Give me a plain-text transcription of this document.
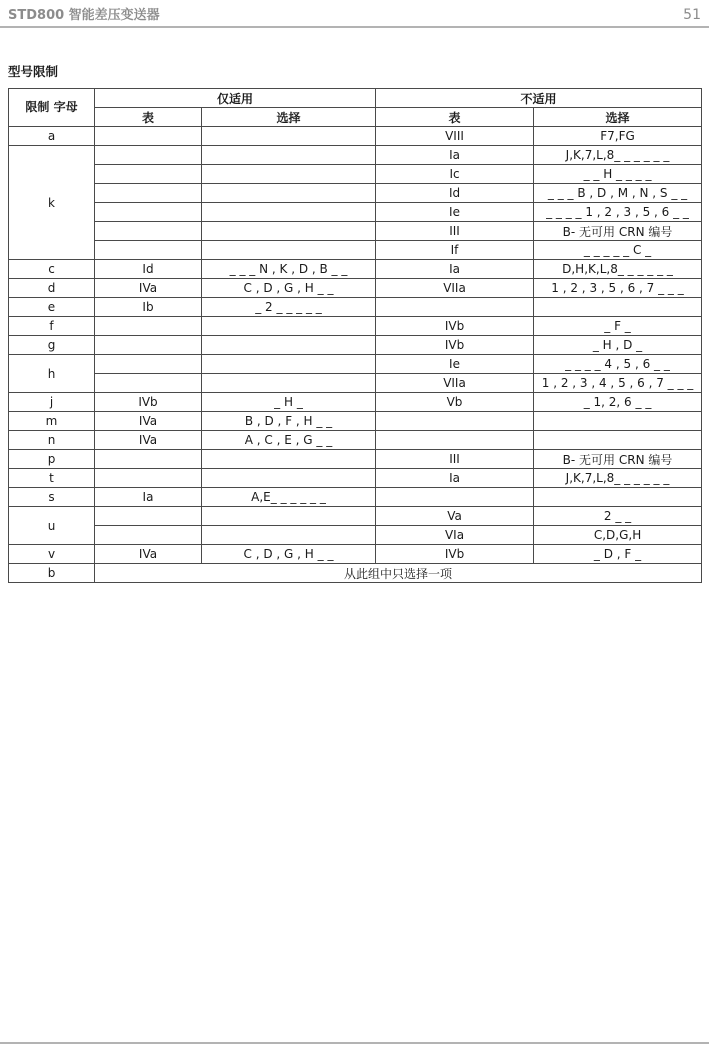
STD800 智能差压变送器	51
型号限制
限制 字母	仅适用		不适用	
	表	选择	表	选择
a			VIII	F7,FG
k			Ia	J,K,7,L,8_ _ _ _ _ _
			Ic	_ _ H _ _ _ _
			Id	_ _ _ B , D , M , N , S _ _
			Ie	_ _ _ _ 1 , 2 , 3 , 5 , 6 _ _
			III	B- 无可用 CRN 编号
			If	_ _ _ _ _ C _
c	Id	_ _ _ N , K , D , B _ _	Ia	D,H,K,L,8_ _ _ _ _ _
d	IVa	C , D , G , H _ _	VIIa	1 , 2 , 3 , 5 , 6 , 7 _ _ _
e	Ib	_ 2 _ _ _ _ _		
f			IVb	_ F _
g			IVb	_ H , D _
h			Ie	_ _ _ _ 4 , 5 , 6 _ _
			VIIa	1 , 2 , 3 , 4 , 5 , 6 , 7 _ _ _
j	IVb	_ H _	Vb	_ 1, 2, 6 _ _
m	IVa	B , D , F , H _ _		
n	IVa	A , C , E , G _ _		
p			III	B- 无可用 CRN 编号
t			Ia	J,K,7,L,8_ _ _ _ _ _
s	Ia	A,E_ _ _ _ _ _		
u			Va	2 _ _
			VIa	C,D,G,H
v	IVa	C , D , G , H _ _	IVb	_ D , F _
b	从此组中只选择一项			
